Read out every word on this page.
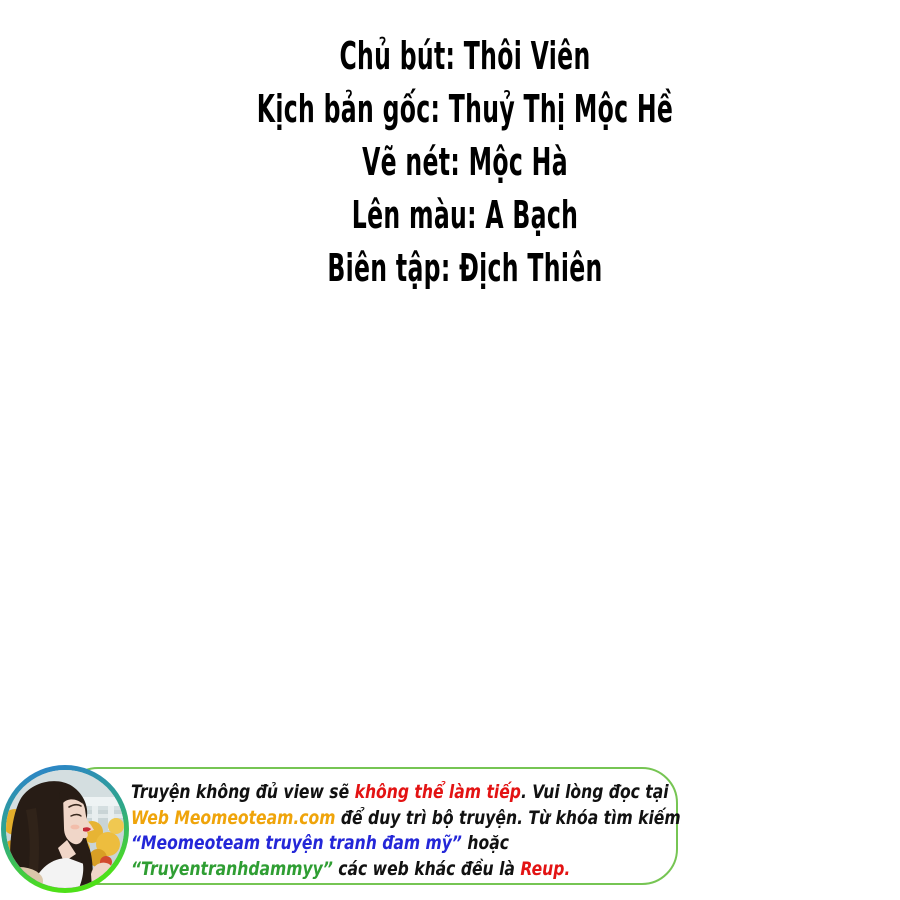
Chủ bút: Thôi Viên
Kịch bản gốc: Thuỷ Thị Mộc Hề
Vẽ nét: Mộc Hà
Lên màu: A Bạch
Biên tập: Địch Thiên
Truyện không đủ view sẽ không thể làm tiếp. Vui lòng đọc tại
Web Meomeoteam.com để duy trì bộ truyện. Từ khóa tìm kiếm
“Meomeoteam truyện tranh đam mỹ” hoặc
“Truyentranhdammyy” các web khác đều là Reup.
